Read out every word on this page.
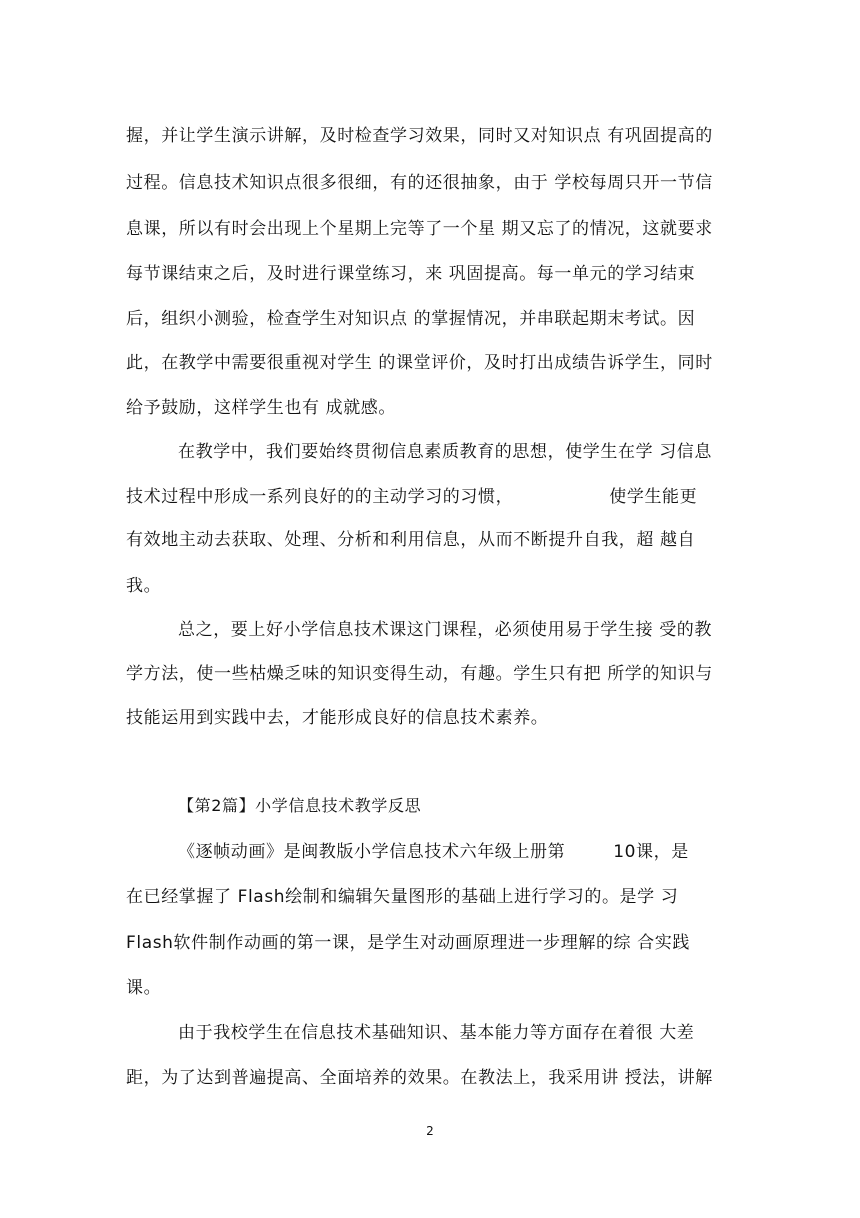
握，并让学生演示讲解，及时检查学习效果，同时又对知识点 有巩固提高的
过程。信息技术知识点很多很细，有的还很抽象，由于 学校每周只开一节信
息课，所以有时会出现上个星期上完等了一个星 期又忘了的情况，这就要求
每节课结束之后，及时进行课堂练习，来 巩固提高。每一单元的学习结束
后，组织小测验，检查学生对知识点 的掌握情况，并串联起期末考试。因
此，在教学中需要很重视对学生 的课堂评价，及时打出成绩告诉学生，同时
给予鼓励，这样学生也有 成就感。
在教学中，我们要始终贯彻信息素质教育的思想，使学生在学 习信息
技术过程中形成一系列良好的的主动学习的习惯，                使学生能更
有效地主动去获取、处理、分析和利用信息，从而不断提升自我，超 越自
我。
总之，要上好小学信息技术课这门课程，必须使用易于学生接 受的教
学方法，使一些枯燥乏味的知识变得生动，有趣。学生只有把 所学的知识与
技能运用到实践中去，才能形成良好的信息技术素养。
【第2篇】小学信息技术教学反思
《逐帧动画》是闽教版小学信息技术六年级上册第        10课，是
在已经掌握了 Flash绘制和编辑矢量图形的基础上进行学习的。是学 习
Flash软件制作动画的第一课，是学生对动画原理进一步理解的综 合实践
课。
由于我校学生在信息技术基础知识、基本能力等方面存在着很 大差
距，为了达到普遍提高、全面培养的效果。在教法上，我采用讲 授法，讲解
2
